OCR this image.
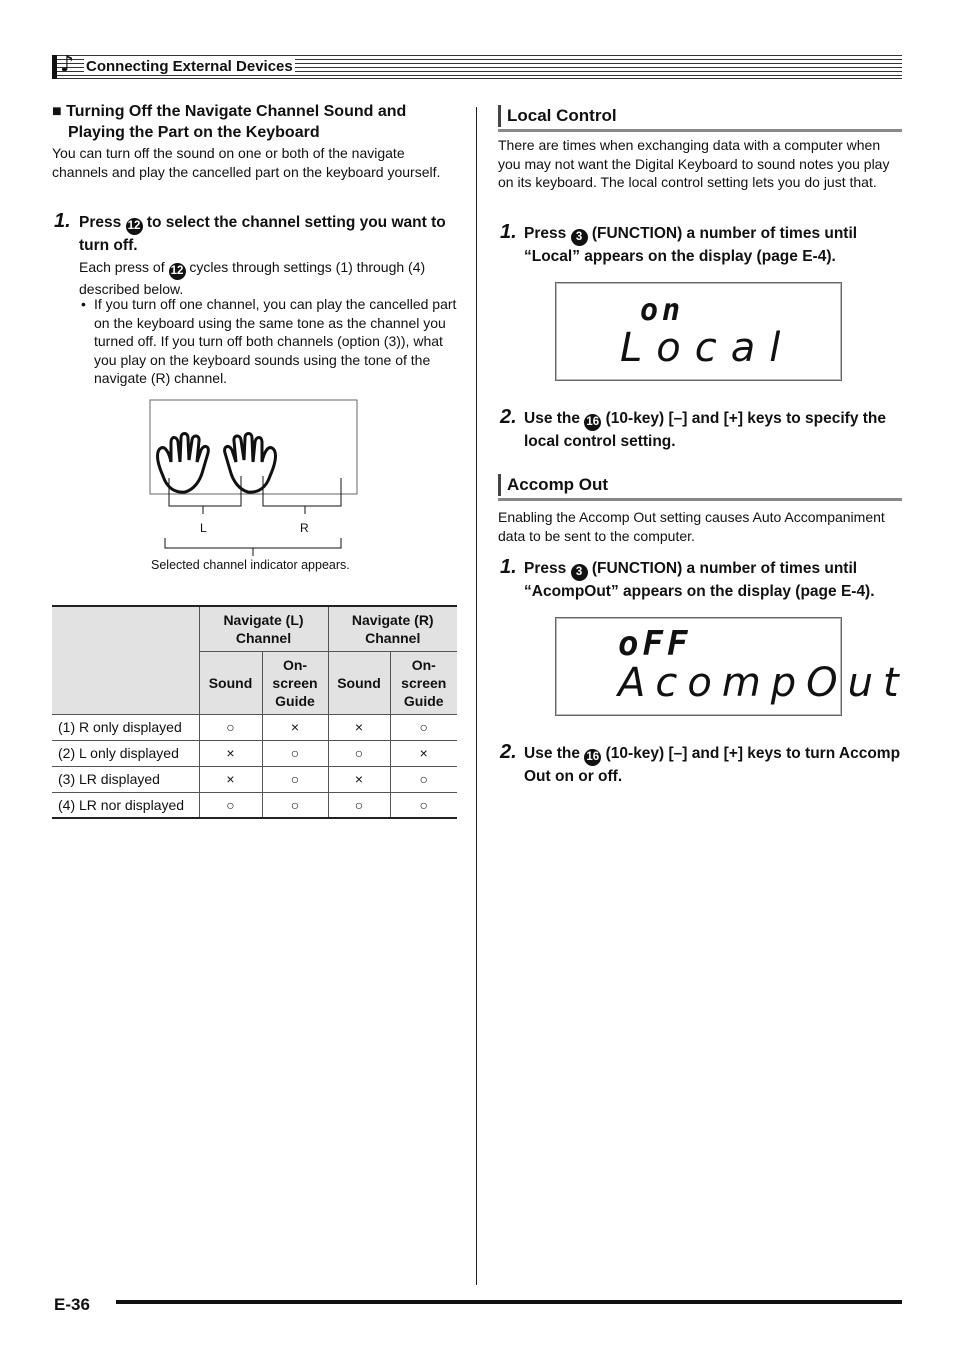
♪ Connecting External Devices
■ Turning Off the Navigate Channel Sound and
Playing the Part on the Keyboard
You can turn off the sound on one or both of the navigate channels and play the cancelled part on the keyboard yourself.
1. Press 12 to select the channel setting you want to turn off.
Each press of 12 cycles through settings (1) through (4) described below.
• If you turn off one channel, you can play the cancelled part on the keyboard using the same tone as the channel you turned off. If you turn off both channels (option (3)), what you play on the keyboard sounds using the tone of the navigate (R) channel.
L	R
Selected channel indicator appears.
	Navigate (L) Channel		Navigate (R) Channel	
	Sound	On-screen Guide	Sound	On-screen Guide
(1) R only displayed	○	×	×	○
(2) L only displayed	×	○	○	×
(3) LR displayed	×	○	×	○
(4) LR nor displayed	○	○	○	○
Local Control
There are times when exchanging data with a computer when you may not want the Digital Keyboard to sound notes you play on its keyboard. The local control setting lets you do just that.
1. Press 3 (FUNCTION) a number of times until “Local” appears on the display (page E-4).
on
Local
2. Use the 16 (10-key) [–] and [+] keys to specify the local control setting.
Accomp Out
Enabling the Accomp Out setting causes Auto Accompaniment data to be sent to the computer.
1. Press 3 (FUNCTION) a number of times until “AcompOut” appears on the display (page E-4).
oFF
AcompOut
2. Use the 16 (10-key) [–] and [+] keys to turn Accomp Out on or off.
E-36
